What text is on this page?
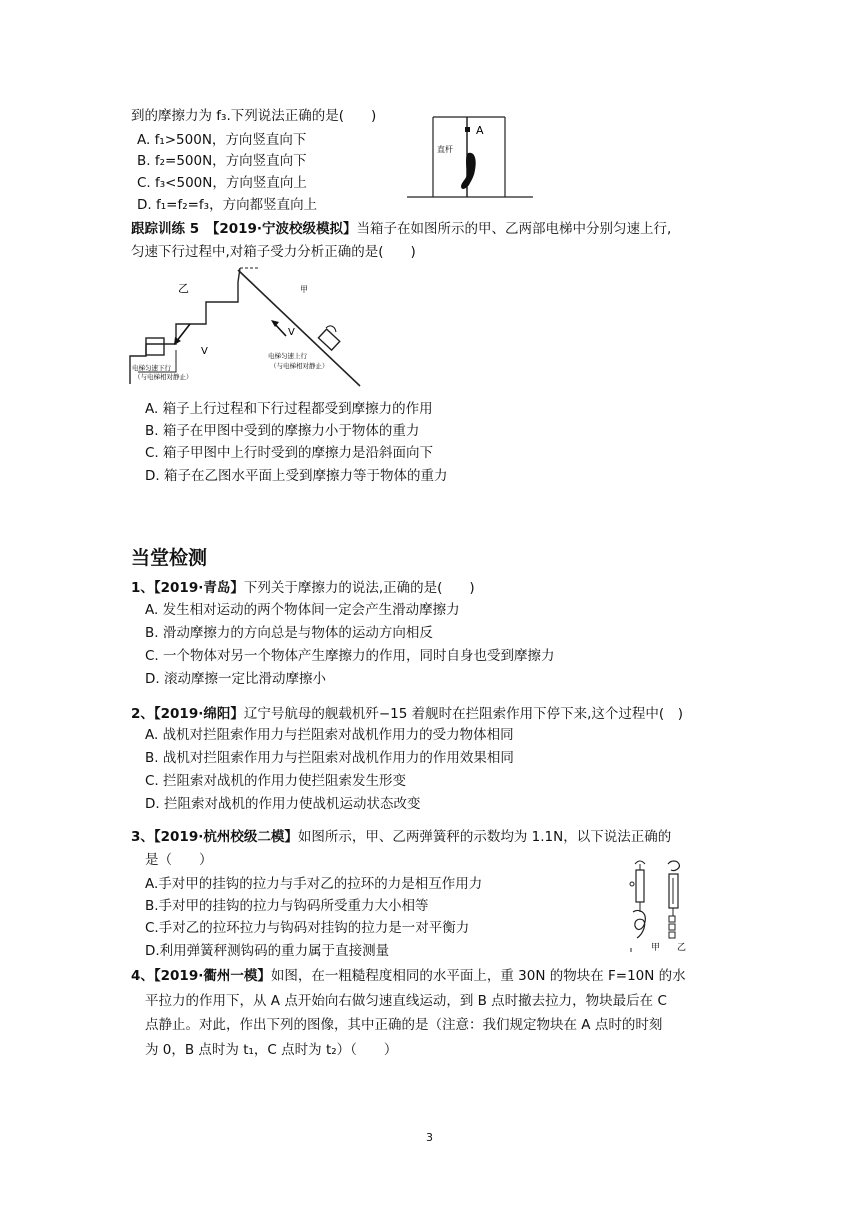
到的摩擦力为 f₃.下列说法正确的是(　　)
A. f₁>500N，方向竖直向下
B. f₂=500N，方向竖直向下
C. f₃<500N，方向竖直向上
D. f₁=f₂=f₃，方向都竖直向上
A
直杆
跟踪训练 5　【2019·宁波校级模拟】当箱子在如图所示的甲、乙两部电梯中分别匀速上行,
匀速下行过程中,对箱子受力分析正确的是(　　)
乙
V
电梯匀速下行
（与电梯相对静止）
甲
V
电梯匀速上行
（与电梯相对静止）
A. 箱子上行过程和下行过程都受到摩擦力的作用
B. 箱子在甲图中受到的摩擦力小于物体的重力
C. 箱子甲图中上行时受到的摩擦力是沿斜面向下
D. 箱子在乙图水平面上受到摩擦力等于物体的重力
当堂检测
1、【2019·青岛】下列关于摩擦力的说法,正确的是(　　)
A. 发生相对运动的两个物体间一定会产生滑动摩擦力
B. 滑动摩擦力的方向总是与物体的运动方向相反
C. 一个物体对另一个物体产生摩擦力的作用，同时自身也受到摩擦力
D. 滚动摩擦一定比滑动摩擦小
2、【2019·绵阳】辽宁号航母的舰载机歼−15 着舰时在拦阻索作用下停下来,这个过程中(　)
A. 战机对拦阻索作用力与拦阻索对战机作用力的受力物体相同
B. 战机对拦阻索作用力与拦阻索对战机作用力的作用效果相同
C. 拦阻索对战机的作用力使拦阻索发生形变
D. 拦阻索对战机的作用力使战机运动状态改变
3、【2019·杭州校级二模】如图所示，甲、乙两弹簧秤的示数均为 1.1N，以下说法正确的
是（　　）
A.手对甲的挂钩的拉力与手对乙的拉环的力是相互作用力
B.手对甲的挂钩的拉力与钩码所受重力大小相等
C.手对乙的拉环拉力与钩码对挂钩的拉力是一对平衡力
D.利用弹簧秤测钩码的重力属于直接测量	甲 乙
4、【2019·衢州一模】如图，在一粗糙程度相同的水平面上，重 30N 的物块在 F=10N 的水
平拉力的作用下，从 A 点开始向右做匀速直线运动，到 B 点时撤去拉力，物块最后在 C
点静止。对此，作出下列的图像，其中正确的是（注意：我们规定物块在 A 点时的时刻
为 0，B 点时为 t₁，C 点时为 t₂）（　　）
3
